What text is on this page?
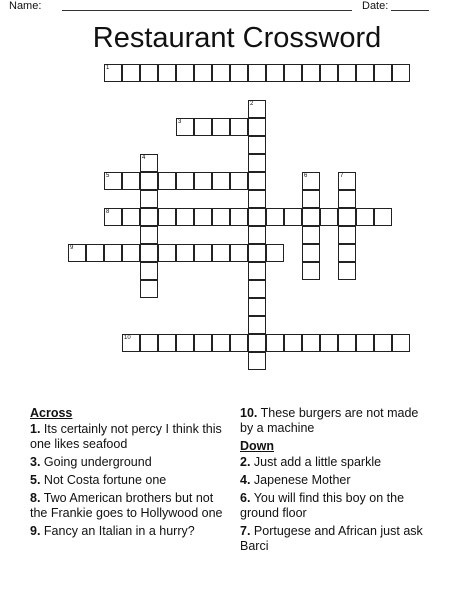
Name:	Date:
Restaurant Crossword
1
2
3
4
5	6	7
8
9
10
Across
1. Its certainly not percy I think this one likes seafood
3. Going underground
5. Not Costa fortune one
8. Two American brothers but not the Frankie goes to Hollywood one
9. Fancy an Italian in a hurry?
10. These burgers are not made by a machine
Down
2. Just add a little sparkle
4. Japenese Mother
6. You will find this boy on the ground floor
7. Portugese and African just ask Barci
